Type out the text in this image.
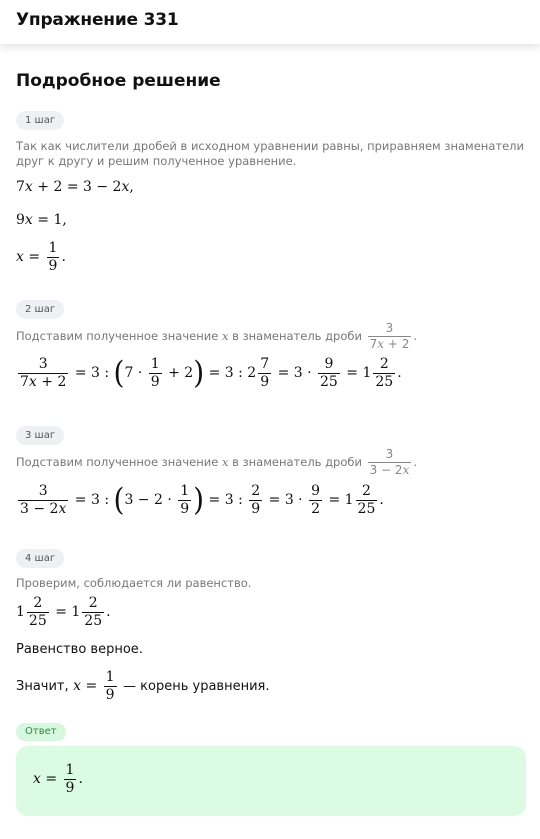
Упражнение 331
Подробное решение
1 шаг
Так как числители дробей в исходном уравнении равны, приравняем знаменатели друг к другу и решим полученное уравнение.
7 x + 2 = 3 − 2 x ,
9 x = 1,
$x = \frac{1}{9}$ .
2 шаг
Подставим полученное значение
x
в знаменатель дроби
$\frac{3}{7x + 2}$ .
$\frac{3}{7x + 2} = 3$ : ( $7 \cdot \frac{1}{9} + 2$ ) = 3 : $2 \frac{7}{9} = 3 \cdot \frac{9}{25} = 1 \frac{2}{25}$ .
3 шаг
Подставим полученное значение
x
в знаменатель дроби
$\frac{3}{3 - 2x}$ .
$\frac{3}{3 - 2x} = 3$ : ( $3 - 2 \cdot \frac{1}{9}$ ) = 3 : $\frac{2}{9} = 3 \cdot \frac{9}{2} = 1 \frac{2}{25}$ .
4 шаг
Проверим, соблюдается ли равенство.
$1 \frac{2}{25} = 1 \frac{2}{25}$ .
Равенство верное.
Значит,
$x = \frac{1}{9}$
— корень уравнения.
Ответ
$x = \frac{1}{9}$ .
